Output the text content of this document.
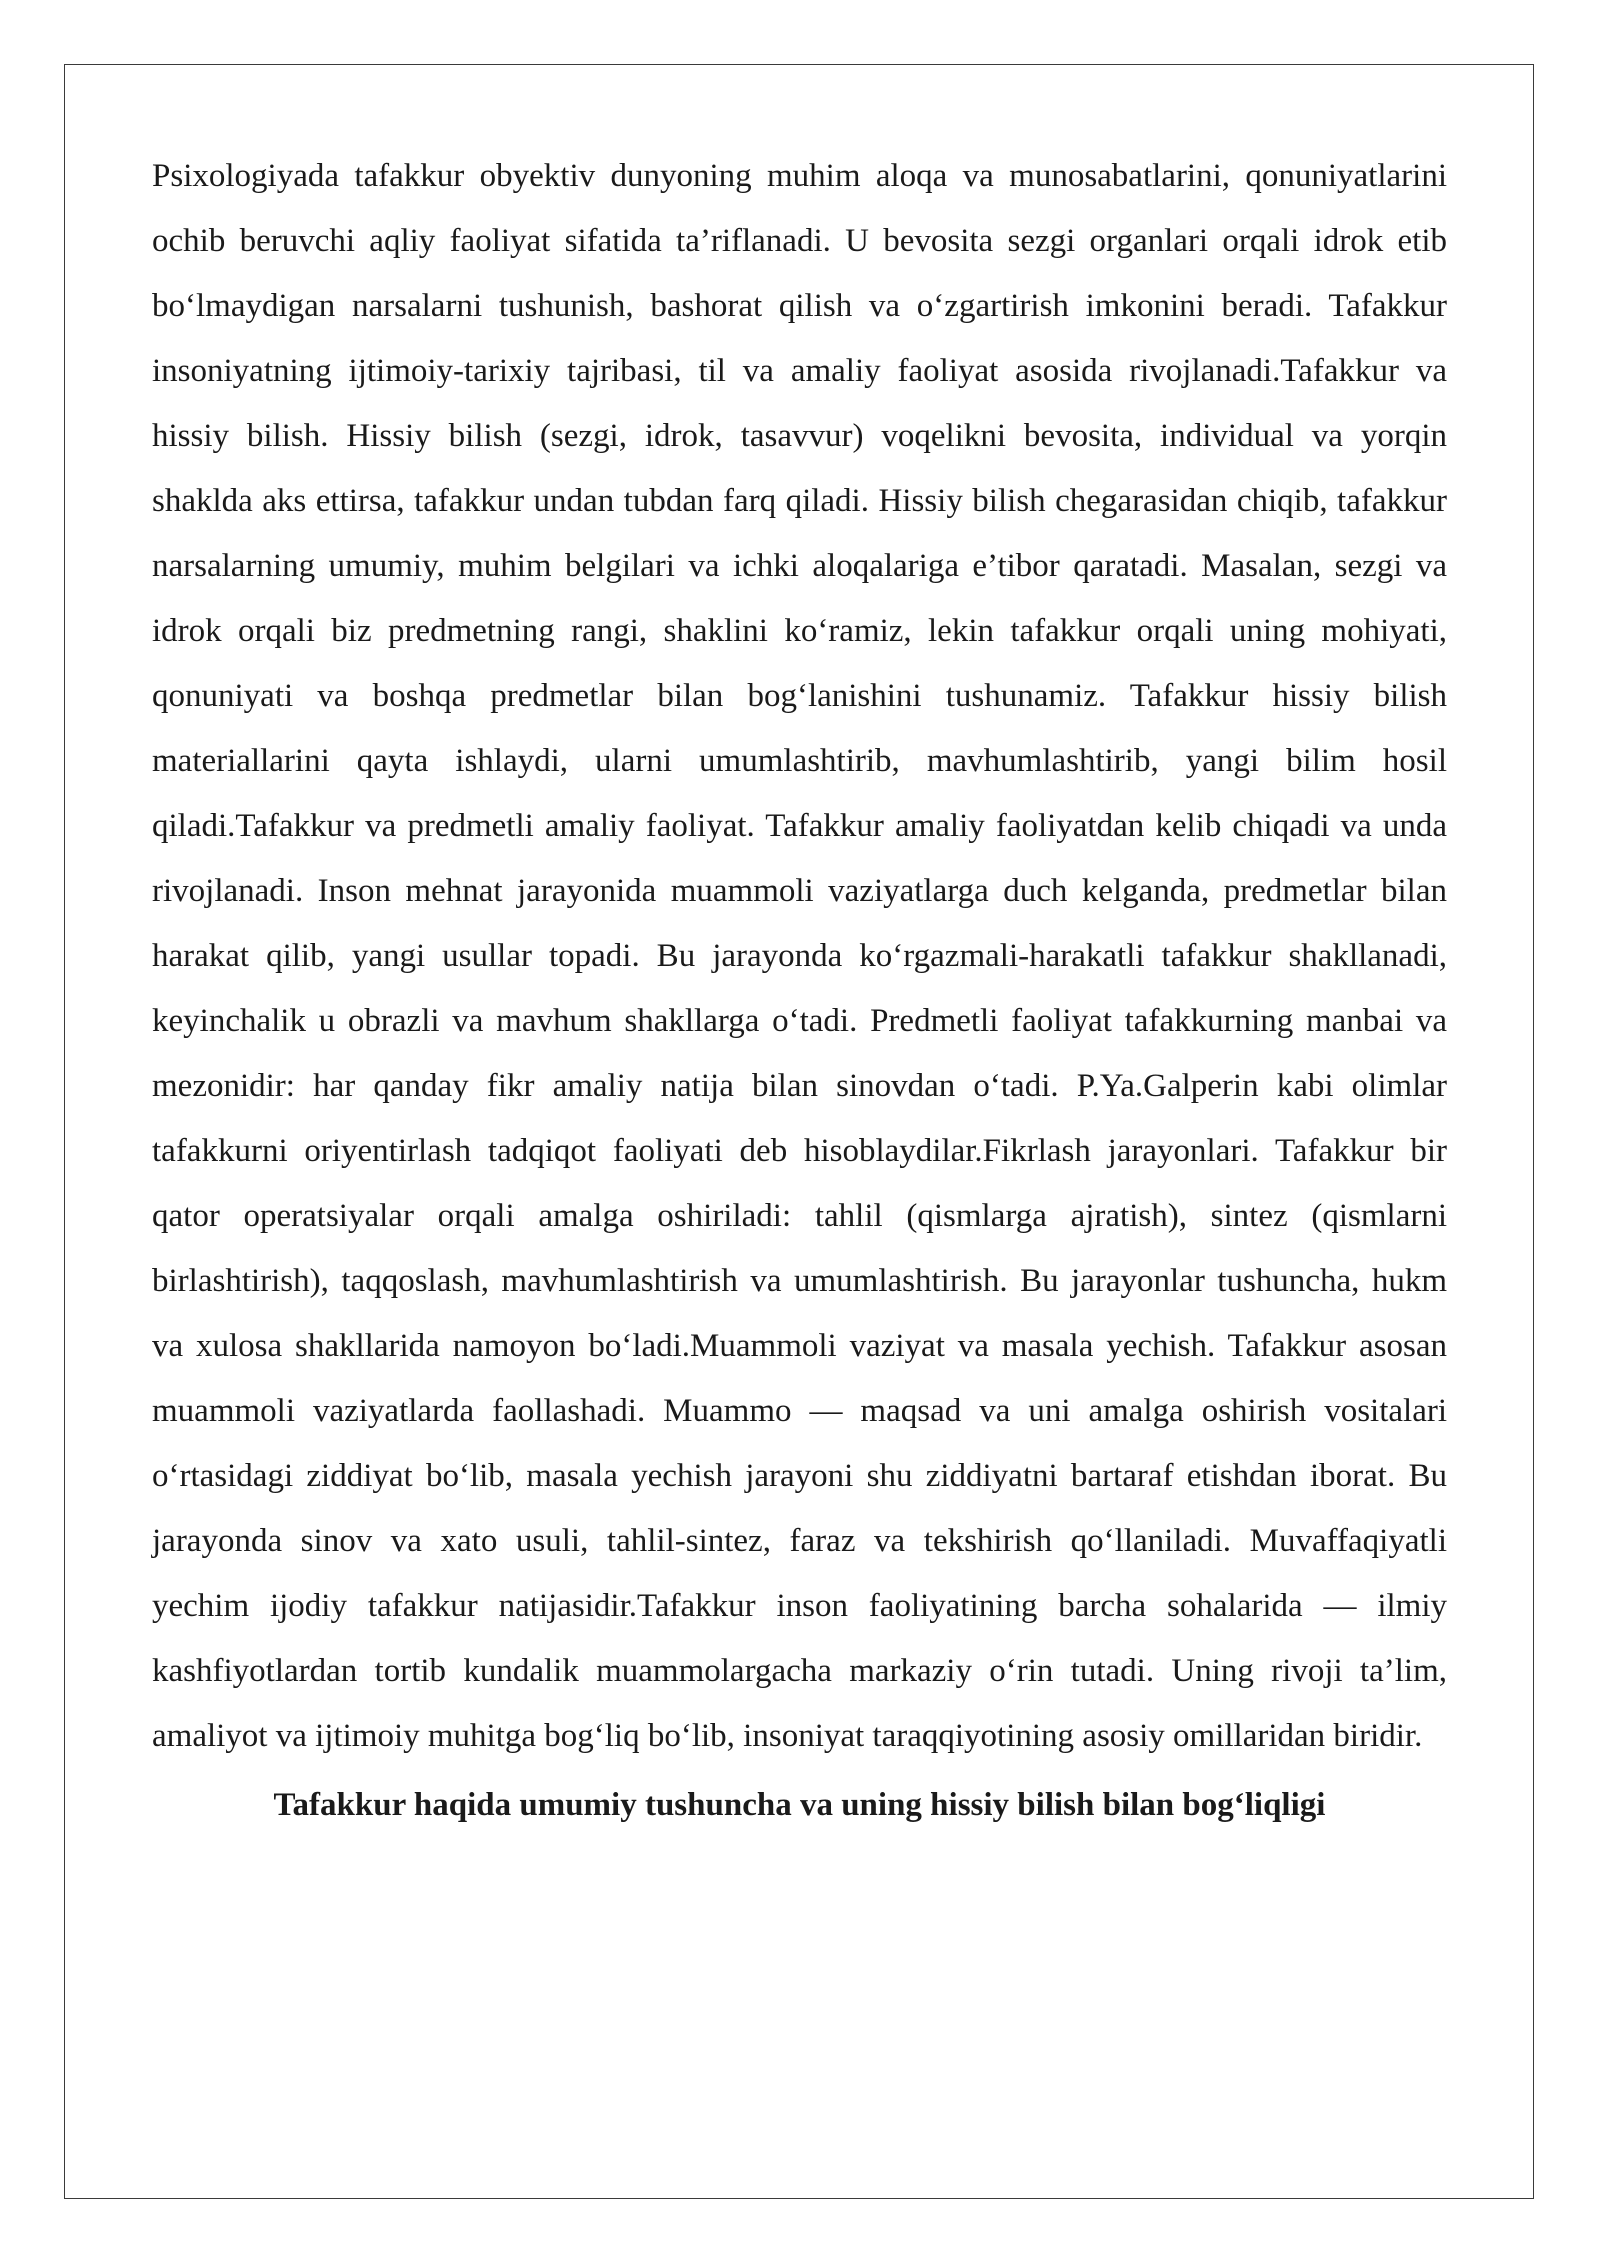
Psixologiyada tafakkur obyektiv dunyoning muhim aloqa va munosabatlarini, qonuniyatlarini ochib beruvchi aqliy faoliyat sifatida ta’riflanadi. U bevosita sezgi organlari orqali idrok etib bo‘lmaydigan narsalarni tushunish, bashorat qilish va o‘zgartirish imkonini beradi. Tafakkur insoniyatning ijtimoiy-tarixiy tajribasi, til va amaliy faoliyat asosida rivojlanadi.Tafakkur va hissiy bilish. Hissiy bilish (sezgi, idrok, tasavvur) voqelikni bevosita, individual va yorqin shaklda aks ettirsa, tafakkur undan tubdan farq qiladi. Hissiy bilish chegarasidan chiqib, tafakkur narsalarning umumiy, muhim belgilari va ichki aloqalariga e’tibor qaratadi. Masalan, sezgi va idrok orqali biz predmetning rangi, shaklini ko‘ramiz, lekin tafakkur orqali uning mohiyati, qonuniyati va boshqa predmetlar bilan bog‘lanishini tushunamiz. Tafakkur hissiy bilish materiallarini qayta ishlaydi, ularni umumlashtirib, mavhumlashtirib, yangi bilim hosil qiladi.Tafakkur va predmetli amaliy faoliyat. Tafakkur amaliy faoliyatdan kelib chiqadi va unda rivojlanadi. Inson mehnat jarayonida muammoli vaziyatlarga duch kelganda, predmetlar bilan harakat qilib, yangi usullar topadi. Bu jarayonda ko‘rgazmali-harakatli tafakkur shakllanadi, keyinchalik u obrazli va mavhum shakllarga o‘tadi. Predmetli faoliyat tafakkurning manbai va mezonidir: har qanday fikr amaliy natija bilan sinovdan o‘tadi. P.Ya.Galperin kabi olimlar tafakkurni oriyentirlash tadqiqot faoliyati deb hisoblaydilar.Fikrlash jarayonlari. Tafakkur bir qator operatsiyalar orqali amalga oshiriladi: tahlil (qismlarga ajratish), sintez (qismlarni birlashtirish), taqqoslash, mavhumlashtirish va umumlashtirish. Bu jarayonlar tushuncha, hukm va xulosa shakllarida namoyon bo‘ladi.Muammoli vaziyat va masala yechish. Tafakkur asosan muammoli vaziyatlarda faollashadi. Muammo — maqsad va uni amalga oshirish vositalari o‘rtasidagi ziddiyat bo‘lib, masala yechish jarayoni shu ziddiyatni bartaraf etishdan iborat. Bu jarayonda sinov va xato usuli, tahlil-sintez, faraz va tekshirish qo‘llaniladi. Muvaffaqiyatli yechim ijodiy tafakkur natijasidir.Tafakkur inson faoliyatining barcha sohalarida — ilmiy kashfiyotlardan tortib kundalik muammolargacha markaziy o‘rin tutadi. Uning rivoji ta’lim, amaliyot va ijtimoiy muhitga bog‘liq bo‘lib, insoniyat taraqqiyotining asosiy omillaridan biridir.

Tafakkur haqida umumiy tushuncha va uning hissiy bilish bilan bog‘liqligi
